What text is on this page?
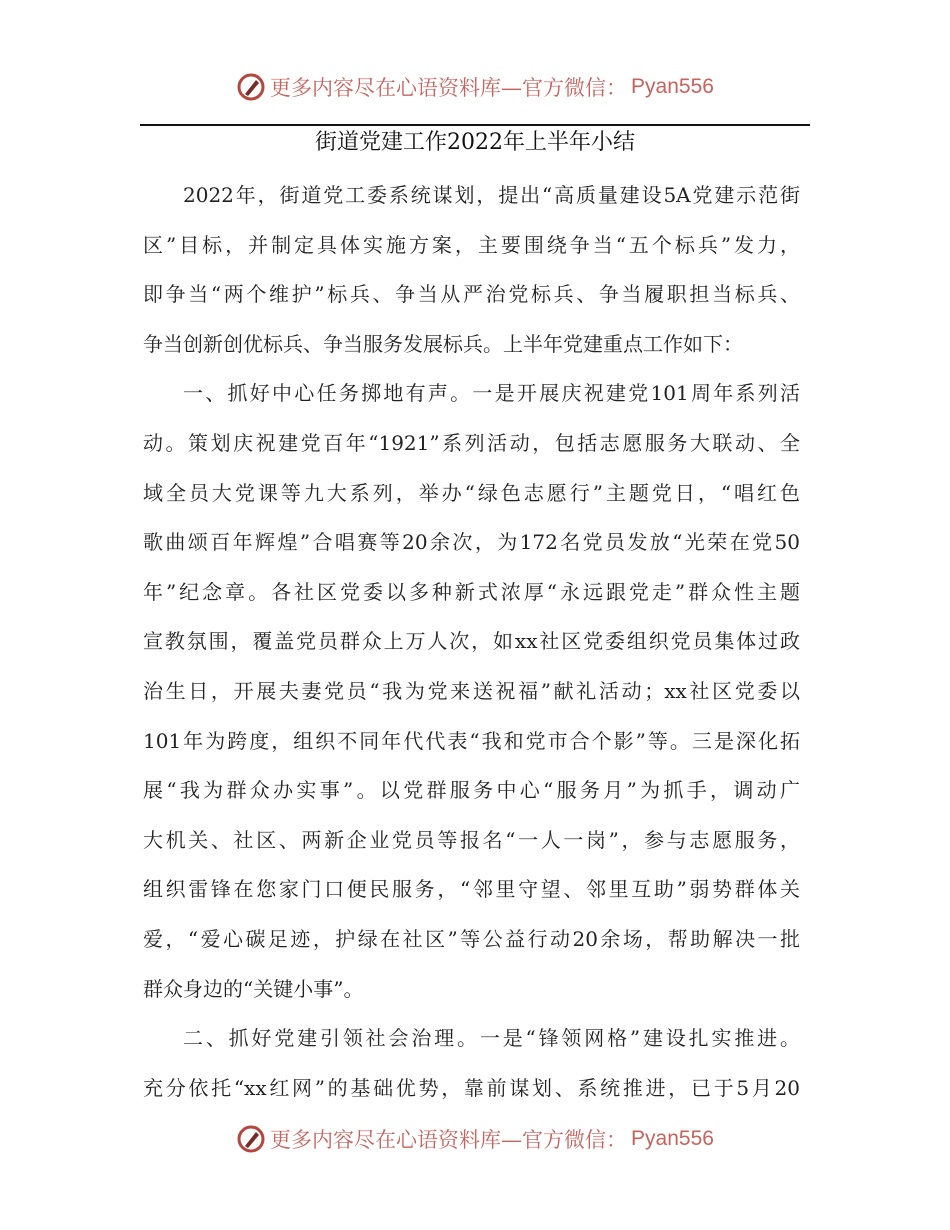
更多内容尽在心语资料库—官方微信： Pyan556
街道党建工作2022年上半年小结
2022年，街道党工委系统谋划，提出“高质量建设5A党建示范街
区”目标，并制定具体实施方案，主要围绕争当“五个标兵”发力，
即争当“两个维护”标兵、争当从严治党标兵、争当履职担当标兵、
争当创新创优标兵、争当服务发展标兵。上半年党建重点工作如下：
一、抓好中心任务掷地有声。一是开展庆祝建党101周年系列活
动。策划庆祝建党百年“1921”系列活动，包括志愿服务大联动、全
域全员大党课等九大系列，举办“绿色志愿行”主题党日，“唱红色
歌曲颂百年辉煌”合唱赛等20余次，为172名党员发放“光荣在党50
年”纪念章。各社区党委以多种新式浓厚“永远跟党走”群众性主题
宣教氛围，覆盖党员群众上万人次，如xx社区党委组织党员集体过政
治生日，开展夫妻党员“我为党来送祝福”献礼活动；xx社区党委以
101年为跨度，组织不同年代代表“我和党市合个影”等。三是深化拓
展“我为群众办实事”。以党群服务中心“服务月”为抓手，调动广
大机关、社区、两新企业党员等报名“一人一岗”，参与志愿服务，
组织雷锋在您家门口便民服务，“邻里守望、邻里互助”弱势群体关
爱，“爱心碳足迹，护绿在社区”等公益行动20余场，帮助解决一批
群众身边的“关键小事”。
二、抓好党建引领社会治理。一是“锋领网格”建设扎实推进。
充分依托“xx红网”的基础优势，靠前谋划、系统推进，已于5月20
更多内容尽在心语资料库—官方微信： Pyan556
